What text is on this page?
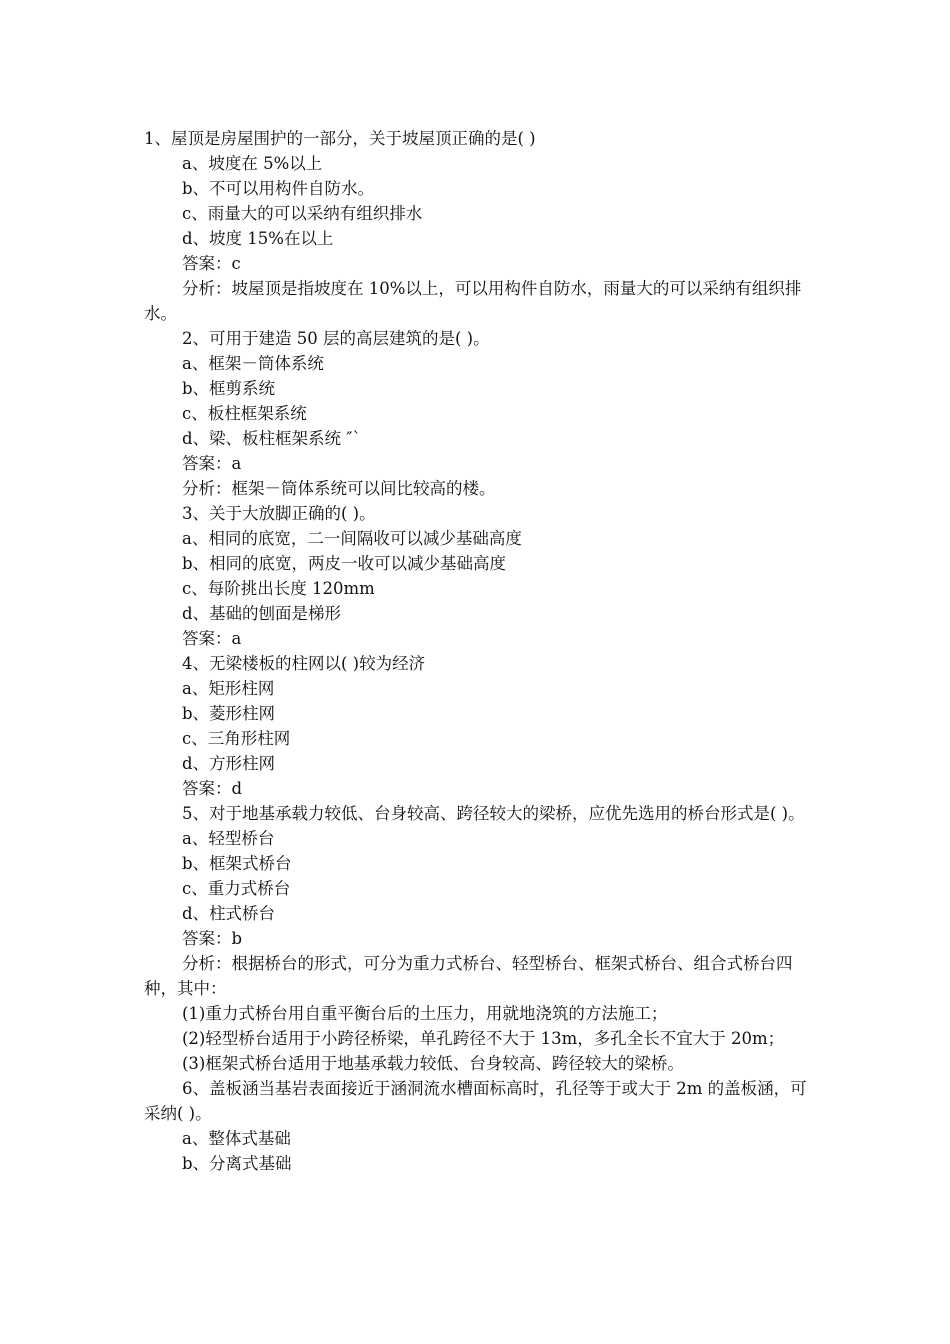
1、屋顶是房屋围护的一部分，关于坡屋顶正确的是( )

a、坡度在 5%以上

b、不可以用构件自防水。

c、雨量大的可以采纳有组织排水

d、坡度 15%在以上

答案：c

分析：坡屋顶是指坡度在 10%以上，可以用构件自防水，雨量大的可以采纳有组织排水。

2、可用于建造 50 层的高层建筑的是( )。

a、框架－筒体系统

b、框剪系统

c、板柱框架系统

d、梁、板柱框架系统 ″`

答案：a

分析：框架－筒体系统可以间比较高的楼。

3、关于大放脚正确的( )。

a、相同的底宽，二一间隔收可以减少基础高度

b、相同的底宽，两皮一收可以减少基础高度

c、每阶挑出长度 120mm

d、基础的刨面是梯形

答案：a

4、无梁楼板的柱网以( )较为经济

a、矩形柱网

b、菱形柱网

c、三角形柱网

d、方形柱网

答案：d

5、对于地基承载力较低、台身较高、跨径较大的梁桥，应优先选用的桥台形式是( )。

a、轻型桥台

b、框架式桥台

c、重力式桥台

d、柱式桥台

答案：b

分析：根据桥台的形式，可分为重力式桥台、轻型桥台、框架式桥台、组合式桥台四种，其中：

(1)重力式桥台用自重平衡台后的土压力，用就地浇筑的方法施工；

(2)轻型桥台适用于小跨径桥梁，单孔跨径不大于 13m，多孔全长不宜大于 20m；

(3)框架式桥台适用于地基承载力较低、台身较高、跨径较大的梁桥。

6、盖板涵当基岩表面接近于涵洞流水槽面标高时，孔径等于或大于 2m 的盖板涵，可采纳( )。

a、整体式基础

b、分离式基础
